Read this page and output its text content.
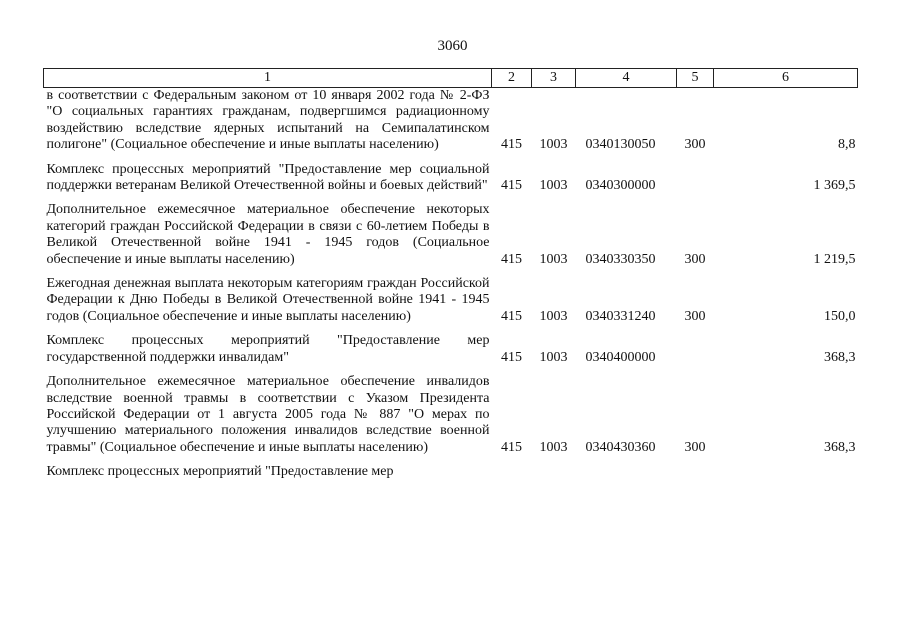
3060
1	2	3	4	5	6
в соответствии с Федеральным законом от 10 января 2002 года № 2-ФЗ "О социальных гарантиях гражданам, подвергшимся радиационному воздействию вследствие ядерных испытаний на Семипалатинском полигоне" (Социальное обеспечение и иные выплаты населению)	415	1003	0340130050	300	8,8

Комплекс процессных мероприятий "Предоставление мер социальной поддержки ветеранам Великой Отечественной войны и боевых действий"	415	1003	0340300000		1 369,5

Дополнительное ежемесячное материальное обеспечение некоторых категорий граждан Российской Федерации в связи с 60-летием Победы в Великой Отечественной войне 1941 - 1945 годов (Социальное обеспечение и иные выплаты населению)	415	1003	0340330350	300	1 219,5

Ежегодная денежная выплата некоторым категориям граждан Российской Федерации к Дню Победы в Великой Отечественной войне 1941 - 1945 годов (Социальное обеспечение и иные выплаты населению)	415	1003	0340331240	300	150,0

Комплекс процессных мероприятий "Предоставление мер государственной поддержки инвалидам"	415	1003	0340400000		368,3

Дополнительное ежемесячное материальное обеспечение инвалидов вследствие военной травмы в соответствии с Указом Президента Российской Федерации от 1 августа 2005 года № 887 "О мерах по улучшению материального положения инвалидов вследствие военной травмы" (Социальное обеспечение и иные выплаты населению)	415	1003	0340430360	300	368,3

Комплекс процессных мероприятий "Предоставление мер					
